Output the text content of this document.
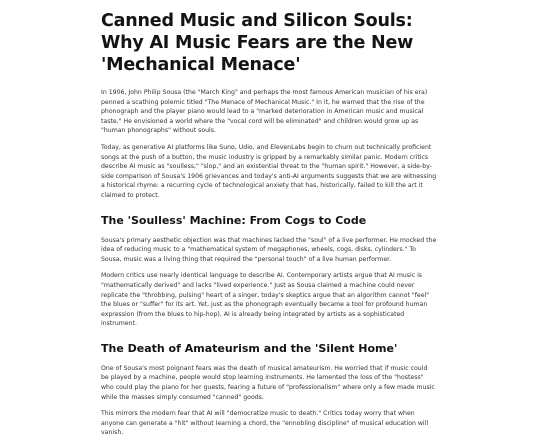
Canned Music and Silicon Souls: Why AI Music Fears are the New 'Mechanical Menace'

In 1906, John Philip Sousa (the "March King" and perhaps the most famous American musician of his era) penned a scathing polemic titled "The Menace of Mechanical Music." In it, he warned that the rise of the phonograph and the player piano would lead to a "marked deterioration in American music and musical taste." He envisioned a world where the "vocal cord will be eliminated" and children would grow up as "human phonographs" without souls.

Today, as generative AI platforms like Suno, Udio, and ElevenLabs begin to churn out technically proficient songs at the push of a button, the music industry is gripped by a remarkably similar panic. Modern critics describe AI music as "soulless," "slop," and an existential threat to the "human spirit." However, a side-by-side comparison of Sousa's 1906 grievances and today's anti-AI arguments suggests that we are witnessing a historical rhyme: a recurring cycle of technological anxiety that has, historically, failed to kill the art it claimed to protect.

The 'Soulless' Machine: From Cogs to Code

Sousa's primary aesthetic objection was that machines lacked the "soul" of a live performer. He mocked the idea of reducing music to a "mathematical system of megaphones, wheels, cogs, disks, cylinders." To Sousa, music was a living thing that required the "personal touch" of a live human performer.

Modern critics use nearly identical language to describe AI. Contemporary artists argue that AI music is "mathematically derived" and lacks "lived experience." Just as Sousa claimed a machine could never replicate the "throbbing, pulsing" heart of a singer, today's skeptics argue that an algorithm cannot "feel" the blues or "suffer" for its art. Yet, just as the phonograph eventually became a tool for profound human expression (from the blues to hip-hop), AI is already being integrated by artists as a sophisticated instrument.

The Death of Amateurism and the 'Silent Home'

One of Sousa's most poignant fears was the death of musical amateurism. He worried that if music could be played by a machine, people would stop learning instruments. He lamented the loss of the "hostess" who could play the piano for her guests, fearing a future of "professionalism" where only a few made music while the masses simply consumed "canned" goods.

This mirrors the modern fear that AI will "democratize music to death." Critics today worry that when anyone can generate a "hit" without learning a chord, the "ennobling discipline" of musical education will vanish.
